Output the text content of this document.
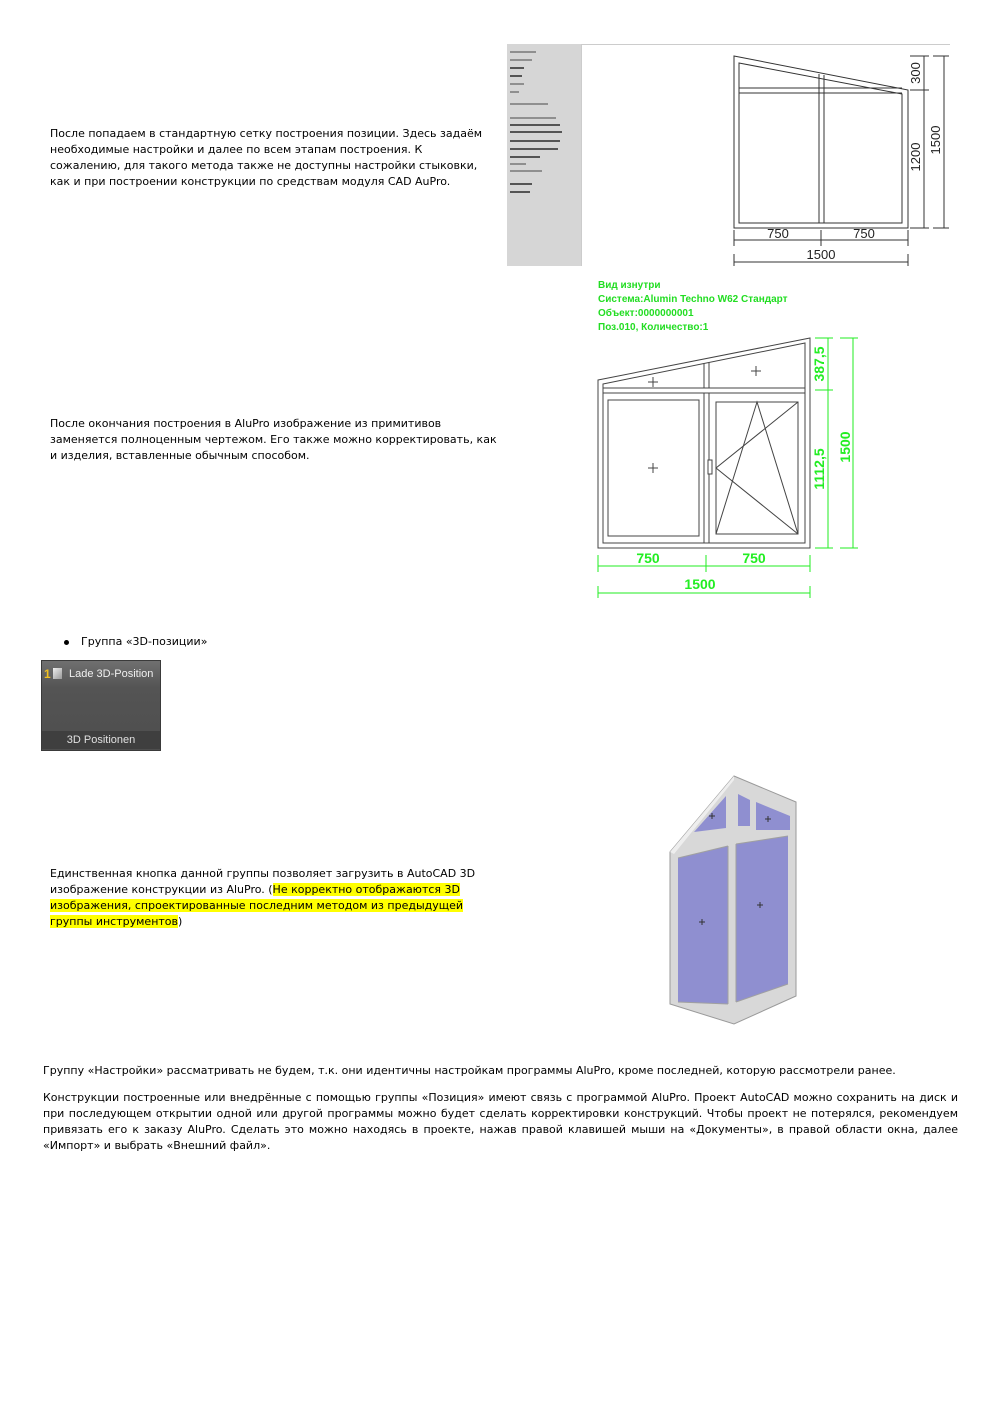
После попадаем в стандартную сетку построения позиции. Здесь задаём необходимые настройки и далее по всем этапам построения. К сожалению, для такого метода также не доступны настройки стыковки, как и при построении конструкции по средствам модуля CAD AuPro.

750	750
1500
300
1200
1500

После окончания построения в AluPro изображение из примитивов заменяется полноценным чертежом. Его также можно корректировать, как и изделия, вставленные обычным способом.

Вид изнутри
Система:Alumin Techno W62 Стандарт
Объект:0000000001
Поз.010, Количество:1
750	750
1500
387,5
1112,5
1500
Группа «3D-позиции»
1 Lade 3D-Position
3D Positionen

Единственная кнопка данной группы позволяет загрузить в AutoCAD 3D изображение конструкции из AluPro. (Не корректно отображаются 3D изображения, спроектированные последним методом из предыдущей группы инструментов)

Группу «Настройки» рассматривать не будем, т.к. они идентичны настройкам программы AluPro, кроме последней, которую рассмотрели ранее.

Конструкции построенные или внедрённые с помощью группы «Позиция» имеют связь с программой AluPro. Проект AutoCAD можно сохранить на диск и при последующем открытии одной или другой программы можно будет сделать корректировки конструкций. Чтобы проект не потерялся, рекомендуем привязать его к заказу AluPro. Сделать это можно находясь в проекте, нажав правой клавишей мыши на «Документы», в правой области окна, далее «Импорт» и выбрать «Внешний файл».
